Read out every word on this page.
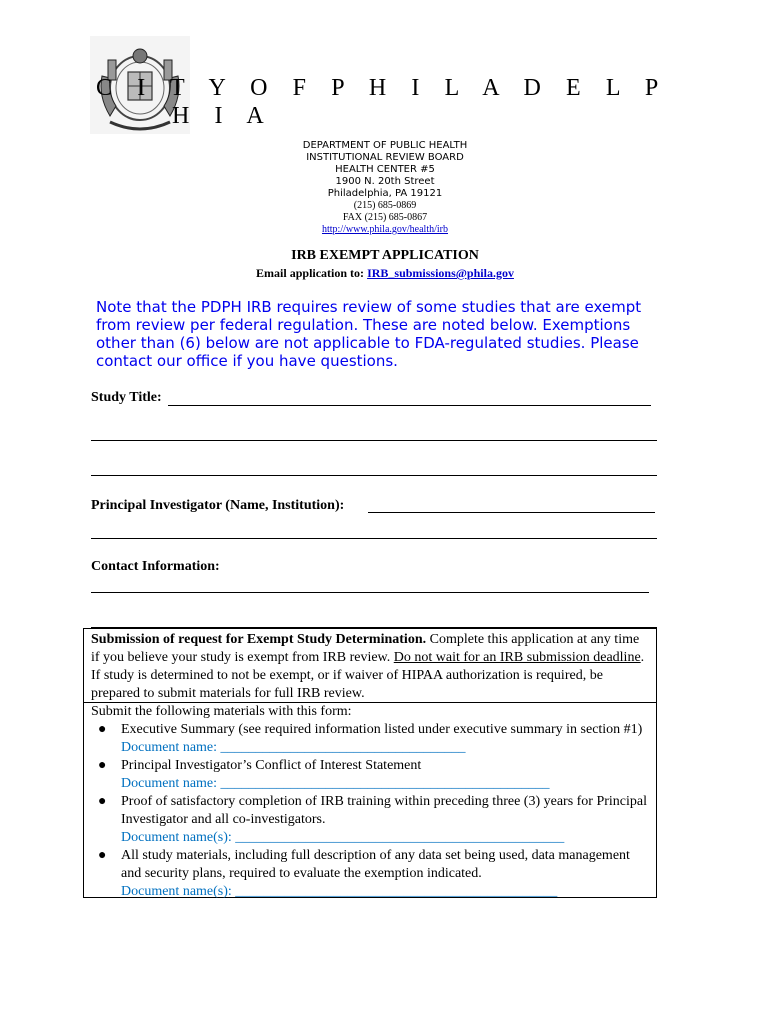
C I T Y O F P H I L A D E L P
H I A
DEPARTMENT OF PUBLIC HEALTH
INSTITUTIONAL REVIEW BOARD
HEALTH CENTER #5
1900 N. 20th Street
Philadelphia, PA 19121
(215) 685-0869
FAX (215) 685-0867
http://www.phila.gov/health/irb
IRB EXEMPT APPLICATION
Email application to: IRB_submissions@phila.gov
Note that the PDPH IRB requires review of some studies that are exempt from review per federal regulation. These are noted below. Exemptions other than (6) below are not applicable to FDA-regulated studies. Please contact our office if you have questions.
Study Title:
Principal Investigator (Name, Institution):
Contact Information:
Submission of request for Exempt Study Determination. Complete this application at any time if you believe your study is exempt from IRB review. Do not wait for an IRB submission deadline. If study is determined to not be exempt, or if waiver of HIPAA authorization is required, be prepared to submit materials for full IRB review.
Submit the following materials with this form:
● Executive Summary (see required information listed under executive summary in section #1) Document name: ___________________________________
● Principal Investigator’s Conflict of Interest Statement
Document name: _______________________________________________
● Proof of satisfactory completion of IRB training within preceding three (3) years for Principal Investigator and all co-investigators.
Document name(s): _______________________________________________
● All study materials, including full description of any data set being used, data management and security plans, required to evaluate the exemption indicated.
Document name(s): ______________________________________________
